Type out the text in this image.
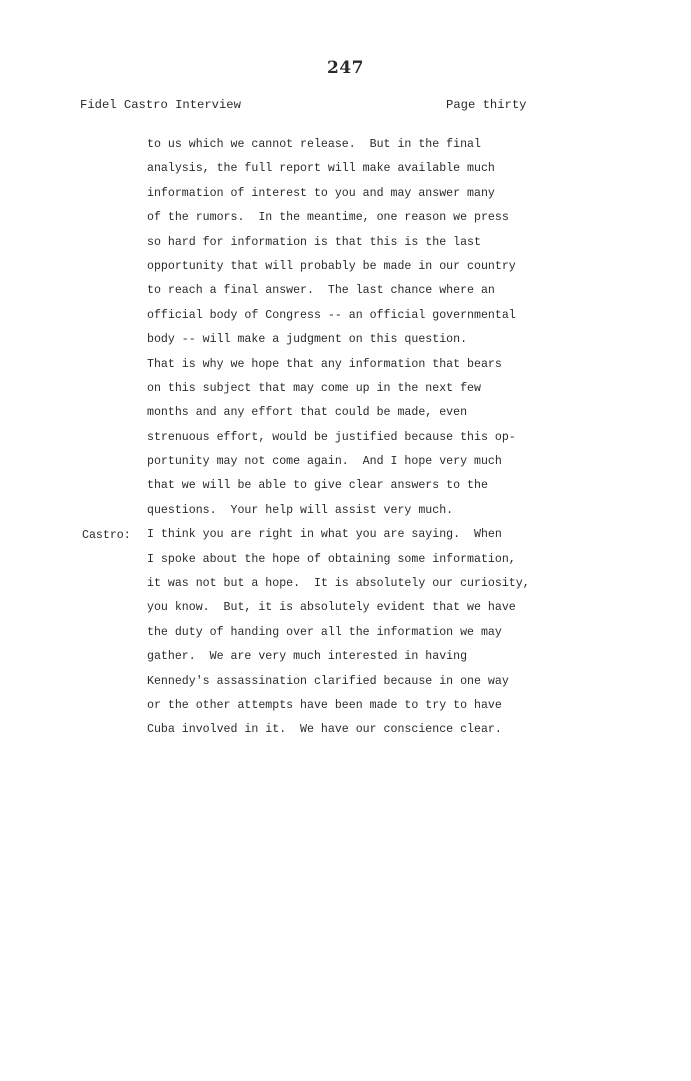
247
Fidel Castro Interview	Page thirty
Castro:
to us which we cannot release.  But in the final
analysis, the full report will make available much
information of interest to you and may answer many
of the rumors.  In the meantime, one reason we press
so hard for information is that this is the last
opportunity that will probably be made in our country
to reach a final answer.  The last chance where an
official body of Congress -- an official governmental
body -- will make a judgment on this question.
That is why we hope that any information that bears
on this subject that may come up in the next few
months and any effort that could be made, even
strenuous effort, would be justified because this op-
portunity may not come again.  And I hope very much
that we will be able to give clear answers to the
questions.  Your help will assist very much.
I think you are right in what you are saying.  When
I spoke about the hope of obtaining some information,
it was not but a hope.  It is absolutely our curiosity,
you know.  But, it is absolutely evident that we have
the duty of handing over all the information we may
gather.  We are very much interested in having
Kennedy's assassination clarified because in one way
or the other attempts have been made to try to have
Cuba involved in it.  We have our conscience clear.
